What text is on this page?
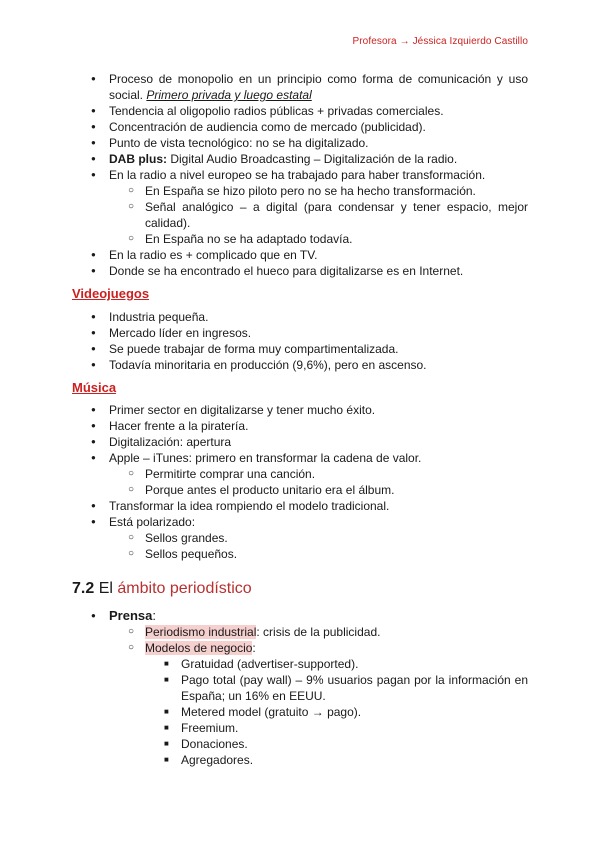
Profesora → Jéssica Izquierdo Castillo
● Proceso de monopolio en un principio como forma de comunicación y uso social. Primero privada y luego estatal
● Tendencia al oligopolio radios públicas + privadas comerciales.
● Concentración de audiencia como de mercado (publicidad).
● Punto de vista tecnológico: no se ha digitalizado.
● DAB plus: Digital Audio Broadcasting – Digitalización de la radio.
● En la radio a nivel europeo se ha trabajado para haber transformación.
○ En España se hizo piloto pero no se ha hecho transformación.
○ Señal analógico – a digital (para condensar y tener espacio, mejor calidad).
○ En España no se ha adaptado todavía.
● En la radio es + complicado que en TV.
● Donde se ha encontrado el hueco para digitalizarse es en Internet.
Videojuegos
● Industria pequeña.
● Mercado líder en ingresos.
● Se puede trabajar de forma muy compartimentalizada.
● Todavía minoritaria en producción (9,6%), pero en ascenso.
Música
● Primer sector en digitalizarse y tener mucho éxito.
● Hacer frente a la piratería.
● Digitalización: apertura
● Apple – iTunes: primero en transformar la cadena de valor.
○ Permitirte comprar una canción.
○ Porque antes el producto unitario era el álbum.
● Transformar la idea rompiendo el modelo tradicional.
● Está polarizado:
○ Sellos grandes.
○ Sellos pequeños.
7.2 El ámbito periodístico
● Prensa:
○ Periodismo industrial: crisis de la publicidad.
○ Modelos de negocio:
■ Gratuidad (advertiser-supported).
■ Pago total (pay wall) – 9% usuarios pagan por la información en España; un 16% en EEUU.
■ Metered model (gratuito → pago).
■ Freemium.
■ Donaciones.
■ Agregadores.
